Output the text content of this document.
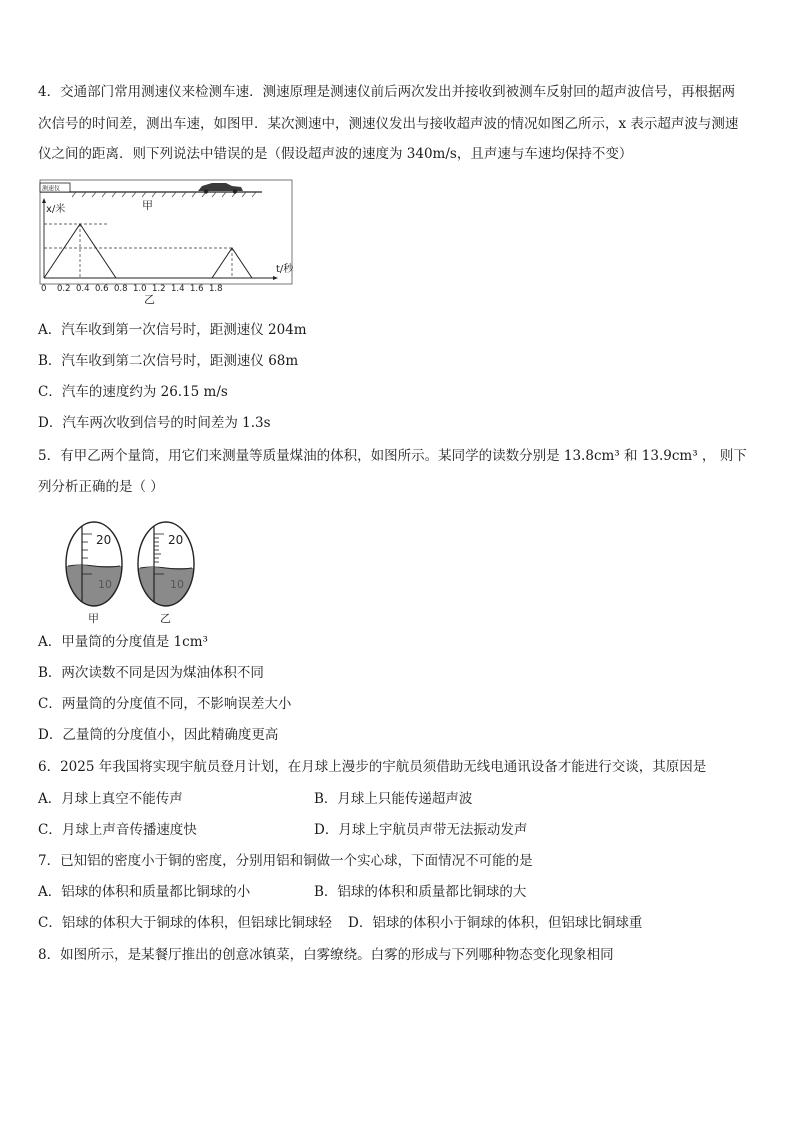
4．交通部门常用测速仪来检测车速．测速原理是测速仪前后两次发出并接收到被测车反射回的超声波信号，再根据两
次信号的时间差，测出车速，如图甲．某次测速中，测速仪发出与接收超声波的情况如图乙所示，x 表示超声波与测速
仪之间的距离．则下列说法中错误的是（假设超声波的速度为 340m/s，且声速与车速均保持不变）
测速仪
甲
x/米
t/秒
0 0.2 0.4 0.6 0.8 1.0 1.2 1.4 1.6 1.8
乙
A．汽车收到第一次信号时，距测速仪 204m
B．汽车收到第二次信号时，距测速仪 68m
C．汽车的速度约为 26.15 m/s
D．汽车两次收到信号的时间差为 1.3s
5．有甲乙两个量筒，用它们来测量等质量煤油的体积，如图所示。某同学的读数分别是 13.8cm³ 和 13.9cm³ ， 则下
列分析正确的是（ ）
20
10
20
10
甲	乙
A．甲量筒的分度值是 1cm³
B．两次读数不同是因为煤油体积不同
C．两量筒的分度值不同，不影响误差大小
D．乙量筒的分度值小，因此精确度更高
6．2025 年我国将实现宇航员登月计划，在月球上漫步的宇航员须借助无线电通讯设备才能进行交谈，其原因是
A．月球上真空不能传声	B．月球上只能传递超声波
C．月球上声音传播速度快	D．月球上宇航员声带无法振动发声
7．已知铝的密度小于铜的密度，分别用铝和铜做一个实心球，下面情况不可能的是
A．铝球的体积和质量都比铜球的小	B．铝球的体积和质量都比铜球的大
C．铝球的体积大于铜球的体积，但铝球比铜球轻 D．铝球的体积小于铜球的体积，但铝球比铜球重
8．如图所示，是某餐厅推出的创意冰镇菜，白雾缭绕。白雾的形成与下列哪种物态变化现象相同
